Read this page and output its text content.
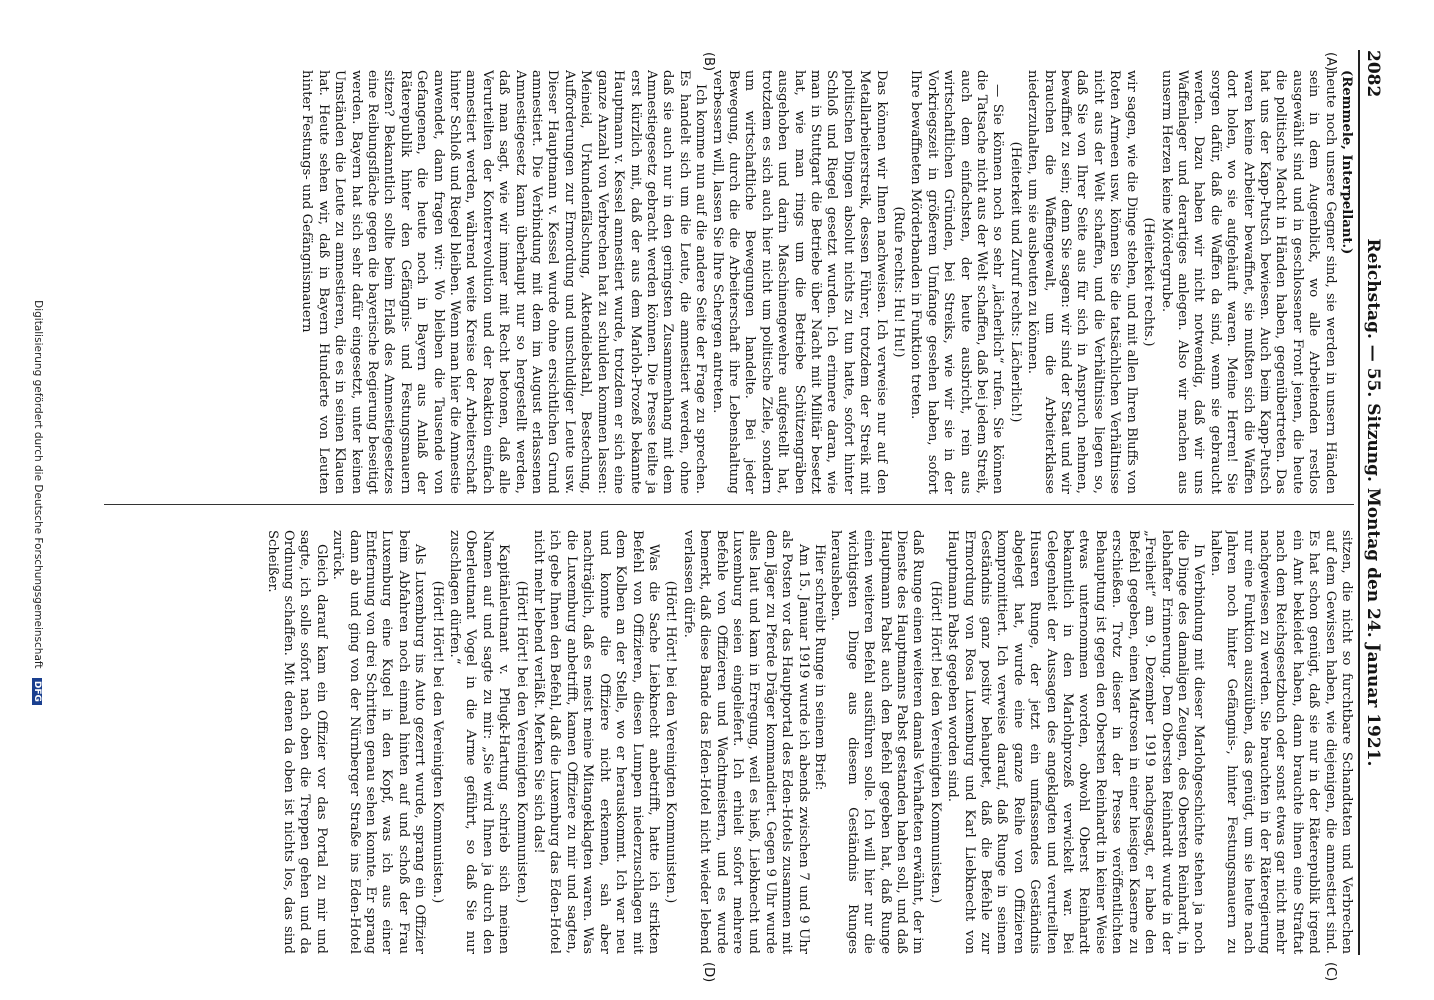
2082
Reichstag. — 55. Sitzung. Montag den 24. Januar 1921.
(A)
(B)
(C)
(D)

(Remmele, Interpellant.)

heute noch unsere Gegner sind, sie werden in unsern Händen sein in dem Augenblick, wo alle Arbeitenden restlos ausgewählt sind und in geschlossener Front jenen, die heute die politische Macht in Händen haben, gegenübertreten. Das hat uns der Kapp-Putsch bewiesen. Auch beim Kapp-Putsch waren keine Arbeiter bewaffnet, sie mußten sich die Waffen dort holen, wo sie aufgehäuft waren. Meine Herren! Sie sorgen dafür, daß die Waffen da sind, wenn sie gebraucht werden. Dazu haben wir nicht notwendig, daß wir uns Waffenlager und derartiges anlegen. Also wir machen aus unserm Herzen keine Mördergrube.

(Heiterkeit rechts.)

wir sagen, wie die Dinge stehen, und mit allen Ihren Bluffs von Roten Armeen usw. können Sie die tatsächlichen Verhältnisse nicht aus der Welt schaffen, und die Verhältnisse liegen so, daß Sie von Ihrer Seite aus für sich in Anspruch nehmen, bewaffnet zu sein; denn Sie sagen: wir sind der Staat und wir brauchen die Waffengewalt, um die Arbeiterklasse niederzuhalten, um sie ausbeuten zu können.

(Heiterkeit und Zuruf rechts: Lächerlich!)

— Sie können noch so sehr „lächerlich“ rufen. Sie können die Tatsache nicht aus der Welt schaffen, daß bei jedem Streik, auch dem einfachsten, der heute ausbricht, rein aus wirtschaftlichen Gründen, bei Streiks, wie wir sie in der Vorkriegszeit in größerem Umfange gesehen haben, sofort Ihre bewaffneten Mörderbanden in Funktion treten.

(Rufe rechts: Hu! Hu!)

Das können wir Ihnen nachweisen. Ich verweise nur auf den Metallarbeiterstreik, dessen Führer, trotzdem der Streik mit politischen Dingen absolut nichts zu tun hatte, sofort hinter Schloß und Riegel gesetzt wurden. Ich erinnere daran, wie man in Stuttgart die Betriebe über Nacht mit Militär besetzt hat, wie man rings um die Betriebe Schützengräben ausgehoben und darin Maschinengewehre aufgestellt hat, trotzdem es sich auch hier nicht um politische Ziele, sondern um wirtschaftliche Bewegungen handelte. Bei jeder Bewegung, durch die die Arbeiterschaft ihre Lebenshaltung verbessern will, lassen Sie Ihre Schergen antreten.

Ich komme nun auf die andere Seite der Frage zu sprechen. Es handelt sich um die Leute, die amnestiert werden, ohne daß sie auch nur in den geringsten Zusammenhang mit dem Amnestiegesetz gebracht werden können. Die Presse teilte ja erst kürzlich mit, daß der aus dem Marloh-Prozeß bekannte Hauptmann v. Kessel amnestiert wurde, trotzdem er sich eine ganze Anzahl von Verbrechen hat zu schulden kommen lassen: Meineid, Urkundenfälschung, Aktendiebstahl, Bestechung, Aufforderungen zur Ermordung und unschuldiger Leute usw. Dieser Hauptmann v. Kessel wurde ohne ersichtlichen Grund amnestiert. Die Verbindung mit dem im August erlassenen Amnestiegesetz kann überhaupt nur so hergestellt werden, daß man sagt, wie wir immer mit Recht betonen, daß alle Verurteilten der Konterrevolution und der Reaktion einfach amnestiert werden, während weite Kreise der Arbeiterschaft hinter Schloß und Riegel bleiben. Wenn man hier die Amnestie anwendet, dann fragen wir: Wo bleiben die Tausende von Gefangenen, die heute noch in Bayern aus Anlaß der Räterepublik hinter den Gefängnis- und Festungsmauern sitzen? Bekanntlich sollte beim Erlaß des Amnestiegesetzes eine Reibungsfläche gegen die bayerische Regierung beseitigt werden. Bayern hat sich sehr dafür eingesetzt, unter keinen Umständen die Leute zu amnestieren, die es in seinen Klauen hat. Heute sehen wir, daß in Bayern Hunderte von Leuten hinter Festungs- und Gefängnismauern

sitzen, die nicht so furchtbare Schandtaten und Verbrechen auf dem Gewissen haben, wie diejenigen, die amnestiert sind. Es hat schon genügt, daß sie nur in der Räterepublik irgend ein Amt bekleidet haben, dann brauchte ihnen eine Straftat nach dem Reichsgesetzbuch oder sonst etwas gar nicht mehr nachgewiesen zu werden. Sie brauchten in der Räteregierung nur eine Funktion auszuüben, das genügt, um sie heute nach Jahren noch hinter Gefängnis-, hinter Festungsmauern zu halten.

In Verbindung mit dieser Marlohgeschichte stehen ja noch die Dinge des damaligen Zeugen, des Obersten Reinhardt, in lebhafter Erinnerung. Dem Obersten Reinhardt wurde in der „Freiheit“ am 9. Dezember 1919 nachgesagt, er habe den Befehl gegeben, einen Matrosen in einer hiesigen Kaserne zu erschießen. Trotz dieser in der Presse veröffentlichten Behauptung ist gegen den Obersten Reinhardt in keiner Weise etwas unternommen worden, obwohl Oberst Reinhardt bekanntlich in den Marlohprozeß verwickelt war. Bei Gelegenheit der Aussagen des angeklagten und verurteilten Husaren Runge, der jetzt ein umfassendes Geständnis abgelegt hat, wurde eine ganze Reihe von Offizieren kompromittiert. Ich verweise darauf, daß Runge in seinem Geständnis ganz positiv behauptet, daß die Befehle zur Ermordung von Rosa Luxemburg und Karl Liebknecht von Hauptmann Pabst gegeben worden sind.

(Hört! Hört! bei den Vereinigten Kommunisten.)

daß Runge einen weiteren damals Verhafteten erwähnt, der im Dienste des Hauptmanns Pabst gestanden haben soll, und daß Hauptmann Pabst auch den Befehl gegeben hat, daß Runge einen weiteren Befehl ausführen solle. Ich will hier nur die wichtigsten Dinge aus diesem Geständnis Runges herausheben.

Hier schreibt Runge in seinem Brief:

Am 15. Januar 1919 wurde ich abends zwischen 7 und 9 Uhr als Posten vor das Hauptportal des Eden-Hotels zusammen mit dem Jäger zu Pferde Dräger kommandiert. Gegen 9 Uhr wurde alles laut und kam in Erregung, weil es hieß, Liebknecht und Luxemburg seien eingeliefert. Ich erhielt sofort mehrere Befehle von Offizieren und Wachtmeistern, und es wurde bemerkt, daß diese Bande das Eden-Hotel nicht wieder lebend verlassen dürfe.

(Hört! Hört! bei den Vereinigten Kommunisten.)

Was die Sache Liebknecht anbetrifft, hatte ich strikten Befehl von Offizieren, diesen Lumpen niederzuschlagen mit dem Kolben an der Stelle, wo er herauskommt. Ich war neu und konnte die Offiziere nicht erkennen, sah aber nachträglich, daß es meist meine Mitangeklagten waren. Was die Luxemburg anbetrifft, kamen Offiziere zu mir und sagten, ich gebe Ihnen den Befehl, daß die Luxemburg das Eden-Hotel nicht mehr lebend verläßt. Merken Sie sich das!

(Hört! Hört! bei den Vereinigten Kommunisten.)

Kapitänleutnant v. Pflugk-Hartung schrieb sich meinen Namen auf und sagte zu mir: „Sie wird Ihnen ja durch den Oberleutnant Vogel in die Arme geführt, so daß Sie nur zuschlagen dürfen.“

(Hört! Hört! bei den Vereinigten Kommunisten.)

Als Luxemburg ins Auto gezerrt wurde, sprang ein Offizier beim Abfahren noch einmal hinten auf und schoß der Frau Luxemburg eine Kugel in den Kopf, was ich aus einer Entfernung von drei Schritten genau sehen konnte. Er sprang dann ab und ging von der Nürnberger Straße ins Eden-Hotel zurück.

Gleich darauf kam ein Offizier vor das Portal zu mir und sagte, ich solle sofort nach oben die Treppen gehen und da Ordnung schaffen. Mit denen da oben ist nichts los, das sind Scheißer.

Digitalisierung gefördert durch die Deutsche Forschungsgemeinschaft DFG
